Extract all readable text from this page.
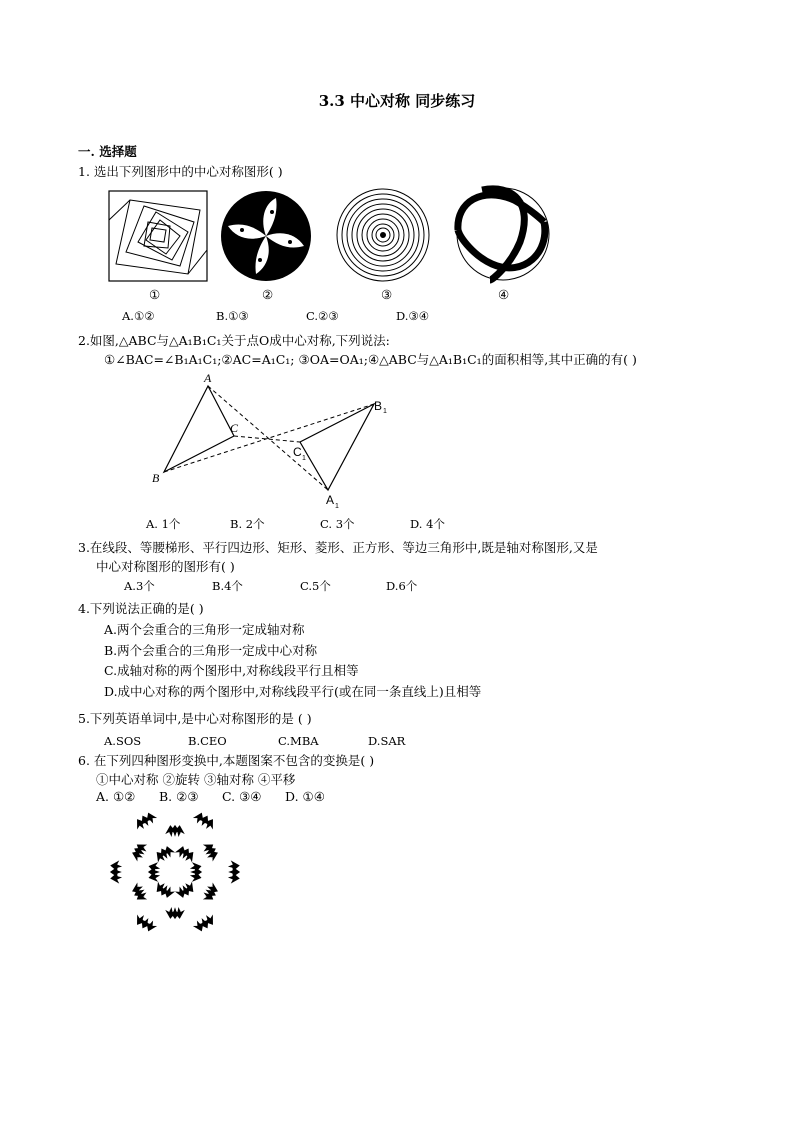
3.3 中心对称 同步练习
一. 选择题
1. 选出下列图形中的中心对称图形( )
①	②	③	④
A.①②	B.①③	C.②③	D.③④
2.如图,△ABC与△A₁B₁C₁关于点O成中心对称,下列说法:
①∠BAC=∠B₁A₁C₁;②AC=A₁C₁; ③OA=OA₁;④△ABC与△A₁B₁C₁的面积相等,其中正确的有( )
A
B
C
B 1
C 1
A 1
A. 1个	B. 2个	C. 3个	D. 4个
3.在线段、等腰梯形、平行四边形、矩形、菱形、正方形、等边三角形中,既是轴对称图形,又是
中心对称图形的图形有( )
A.3个	B.4个	C.5个	D.6个
4.下列说法正确的是( )
A.两个会重合的三角形一定成轴对称
B.两个会重合的三角形一定成中心对称
C.成轴对称的两个图形中,对称线段平行且相等
D.成中心对称的两个图形中,对称线段平行(或在同一条直线上)且相等
5.下列英语单词中,是中心对称图形的是 ( )
A.SOS	B.CEO	C.MBA	D.SAR
6. 在下列四种图形变换中,本题图案不包含的变换是( )
①中心对称 ②旋转 ③轴对称 ④平移
A. ①② B. ②③ C. ③④ D. ①④
